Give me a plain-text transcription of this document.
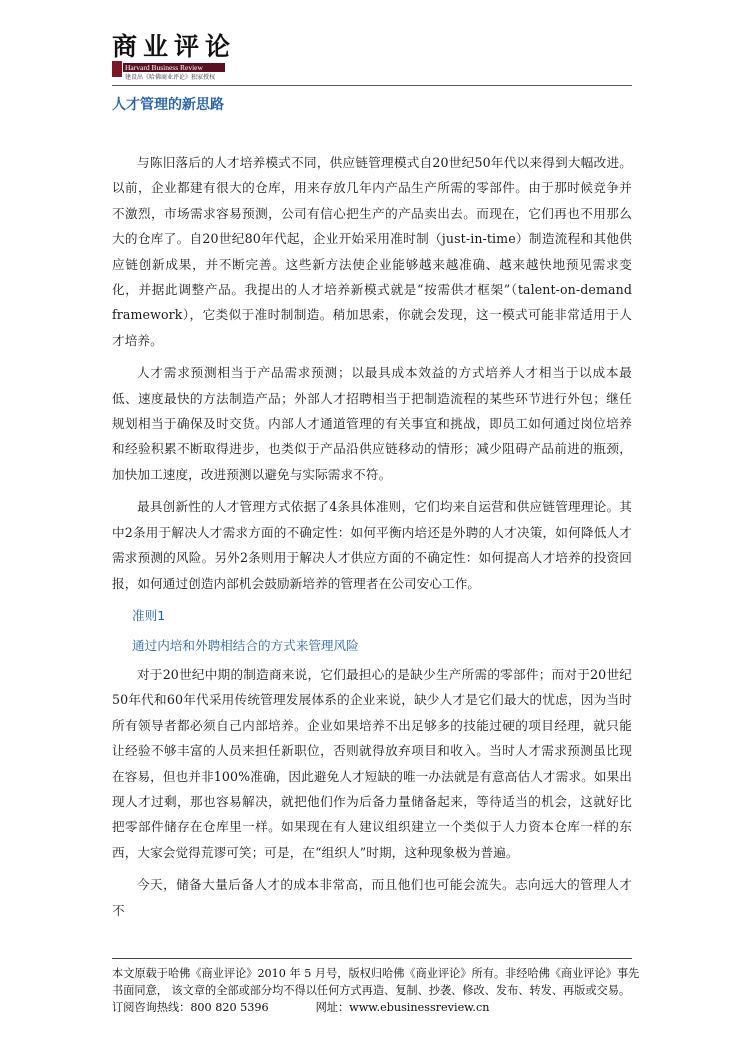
商业评论
Harvard Business Review
建设出《哈佛商业评论》独家授权
人才管理的新思路

与陈旧落后的人才培养模式不同，供应链管理模式自20世纪50年代以来得到大幅改进。以前，企业都建有很大的仓库，用来存放几年内产品生产所需的零部件。由于那时候竞争并不激烈，市场需求容易预测，公司有信心把生产的产品卖出去。而现在，它们再也不用那么大的仓库了。自20世纪80年代起，企业开始采用准时制（just-in-time）制造流程和其他供应链创新成果，并不断完善。这些新方法使企业能够越来越准确、越来越快地预见需求变化，并据此调整产品。我提出的人才培养新模式就是“按需供才框架”（talent-on-demand framework），它类似于准时制制造。稍加思索，你就会发现，这一模式可能非常适用于人才培养。

人才需求预测相当于产品需求预测；以最具成本效益的方式培养人才相当于以成本最低、速度最快的方法制造产品；外部人才招聘相当于把制造流程的某些环节进行外包；继任规划相当于确保及时交货。内部人才通道管理的有关事宜和挑战，即员工如何通过岗位培养和经验积累不断取得进步，也类似于产品沿供应链移动的情形；减少阻碍产品前进的瓶颈，加快加工速度，改进预测以避免与实际需求不符。

最具创新性的人才管理方式依据了4条具体准则，它们均来自运营和供应链管理理论。其中2条用于解决人才需求方面的不确定性：如何平衡内培还是外聘的人才决策，如何降低人才需求预测的风险。另外2条则用于解决人才供应方面的不确定性：如何提高人才培养的投资回报，如何通过创造内部机会鼓励新培养的管理者在公司安心工作。

准则1
通过内培和外聘相结合的方式来管理风险

对于20世纪中期的制造商来说，它们最担心的是缺少生产所需的零部件；而对于20世纪50年代和60年代采用传统管理发展体系的企业来说，缺少人才是它们最大的忧虑，因为当时所有领导者都必须自己内部培养。企业如果培养不出足够多的技能过硬的项目经理，就只能让经验不够丰富的人员来担任新职位，否则就得放弃项目和收入。当时人才需求预测虽比现在容易，但也并非100%准确，因此避免人才短缺的唯一办法就是有意高估人才需求。如果出现人才过剩，那也容易解决，就把他们作为后备力量储备起来，等待适当的机会，这就好比把零部件储存在仓库里一样。如果现在有人建议组织建立一个类似于人力资本仓库一样的东西，大家会觉得荒谬可笑；可是，在“组织人”时期，这种现象极为普遍。

今天，储备大量后备人才的成本非常高，而且他们也可能会流失。志向远大的管理人才不

本文原载于哈佛《商业评论》2010 年 5 月号，版权归哈佛《商业评论》所有。非经哈佛《商业评论》事先
书面同意， 该文章的全部或部分均不得以任何方式再造、复制、抄袭、修改、发布、转发、再版或交易。
订阅咨询热线：800 820 5396	网址：www.ebusinessreview.cn
